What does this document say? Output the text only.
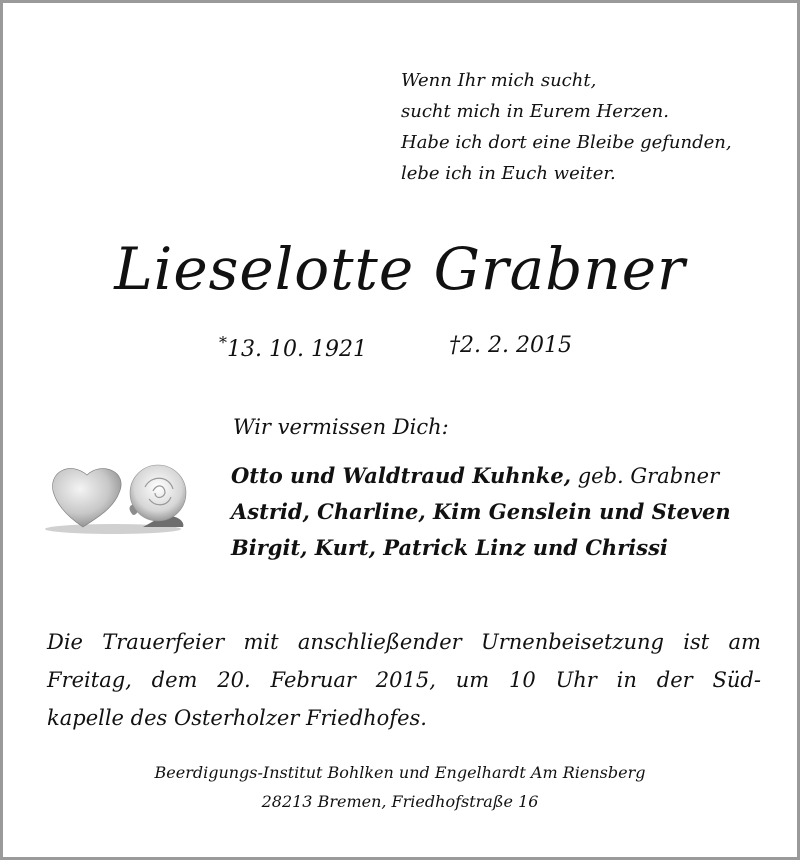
Wenn Ihr mich sucht,
sucht mich in Eurem Herzen.
Habe ich dort eine Bleibe gefunden,
lebe ich in Euch weiter.
Lieselotte Grabner
*13. 10. 1921	†2. 2. 2015
Wir vermissen Dich:
Otto und Waldtraud Kuhnke, geb. Grabner
Astrid, Charline, Kim Genslein und Steven
Birgit, Kurt, Patrick Linz und Chrissi
Die Trauerfeier mit anschließender Urnenbeisetzung ist am
Freitag, dem 20. Februar 2015, um 10 Uhr in der Süd-
kapelle des Osterholzer Friedhofes.
Beerdigungs-Institut Bohlken und Engelhardt Am Riensberg
28213 Bremen, Friedhofstraße 16
